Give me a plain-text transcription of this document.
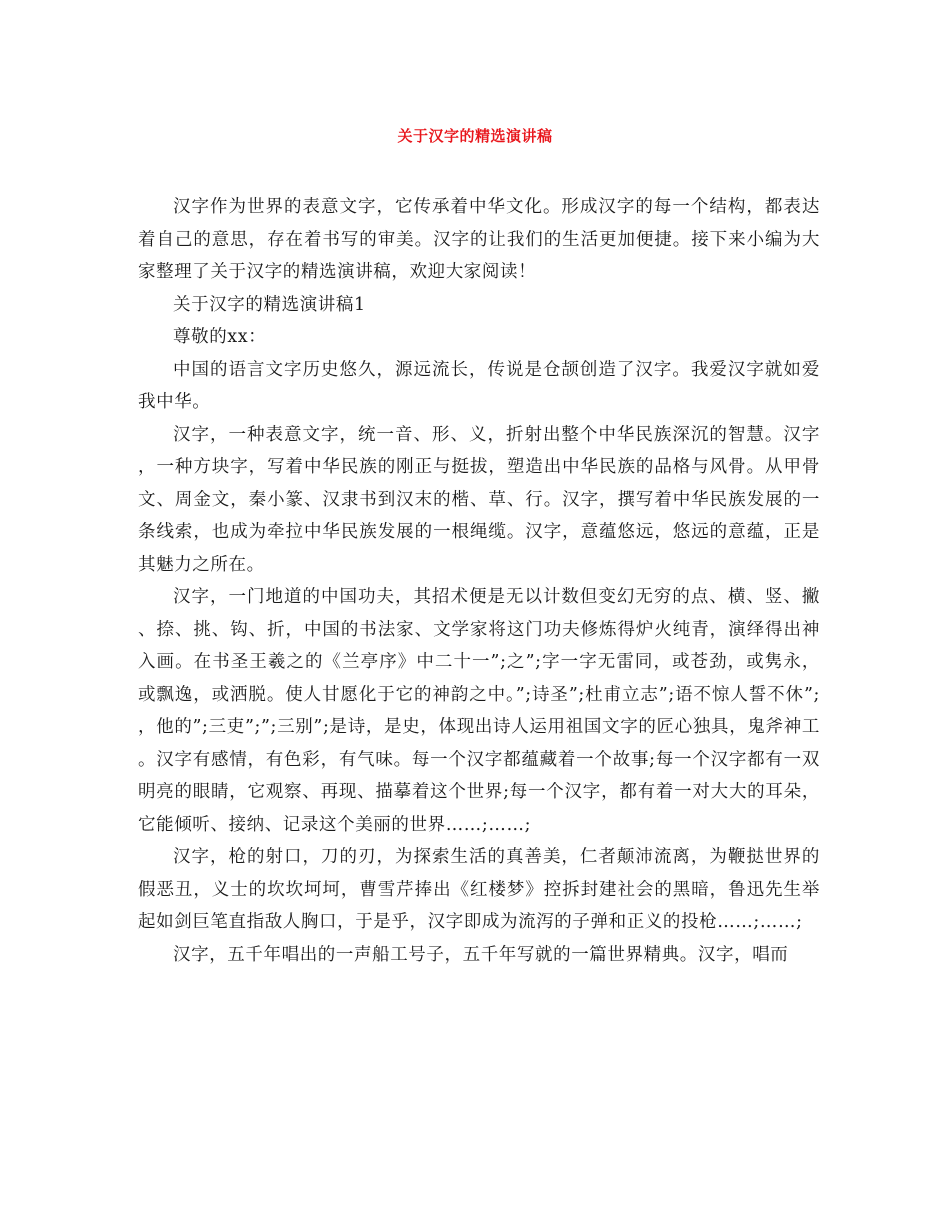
关于汉字的精选演讲稿

汉字作为世界的表意文字，它传承着中华文化。形成汉字的每一个结构，都表达着自己的意思，存在着书写的审美。汉字的让我们的生活更加便捷。接下来小编为大家整理了关于汉字的精选演讲稿，欢迎大家阅读！

关于汉字的精选演讲稿1

尊敬的xx：

中国的语言文字历史悠久，源远流长，传说是仓颉创造了汉字。我爱汉字就如爱我中华。

汉字，一种表意文字，统一音、形、义，折射出整个中华民族深沉的智慧。汉字，一种方块字，写着中华民族的刚正与挺拔，塑造出中华民族的品格与风骨。从甲骨文、周金文，秦小篆、汉隶书到汉末的楷、草、行。汉字，撰写着中华民族发展的一条线索，也成为牵拉中华民族发展的一根绳缆。汉字，意蕴悠远，悠远的意蕴，正是其魅力之所在。

汉字，一门地道的中国功夫，其招术便是无以计数但变幻无穷的点、横、竖、撇、捺、挑、钩、折，中国的书法家、文学家将这门功夫修炼得炉火纯青，演绎得出神入画。在书圣王羲之的《兰亭序》中二十一”;之”;字一字无雷同，或苍劲，或隽永，或飘逸，或洒脱。使人甘愿化于它的神韵之中。”;诗圣”;杜甫立志”;语不惊人誓不休”;，他的”;三吏”;”;三别”;是诗，是史，体现出诗人运用祖国文字的匠心独具，鬼斧神工。汉字有感情，有色彩，有气味。每一个汉字都蕴藏着一个故事;每一个汉字都有一双明亮的眼睛，它观察、再现、描摹着这个世界;每一个汉字，都有着一对大大的耳朵，它能倾听、接纳、记录这个美丽的世界……;……;

汉字，枪的射口，刀的刃，为探索生活的真善美，仁者颠沛流离，为鞭挞世界的假恶丑，义士的坎坎坷坷，曹雪芹捧出《红楼梦》控拆封建社会的黑暗，鲁迅先生举起如剑巨笔直指敌人胸口，于是乎，汉字即成为流泻的子弹和正义的投枪……;……;

汉字，五千年唱出的一声船工号子，五千年写就的一篇世界精典。汉字，唱而
